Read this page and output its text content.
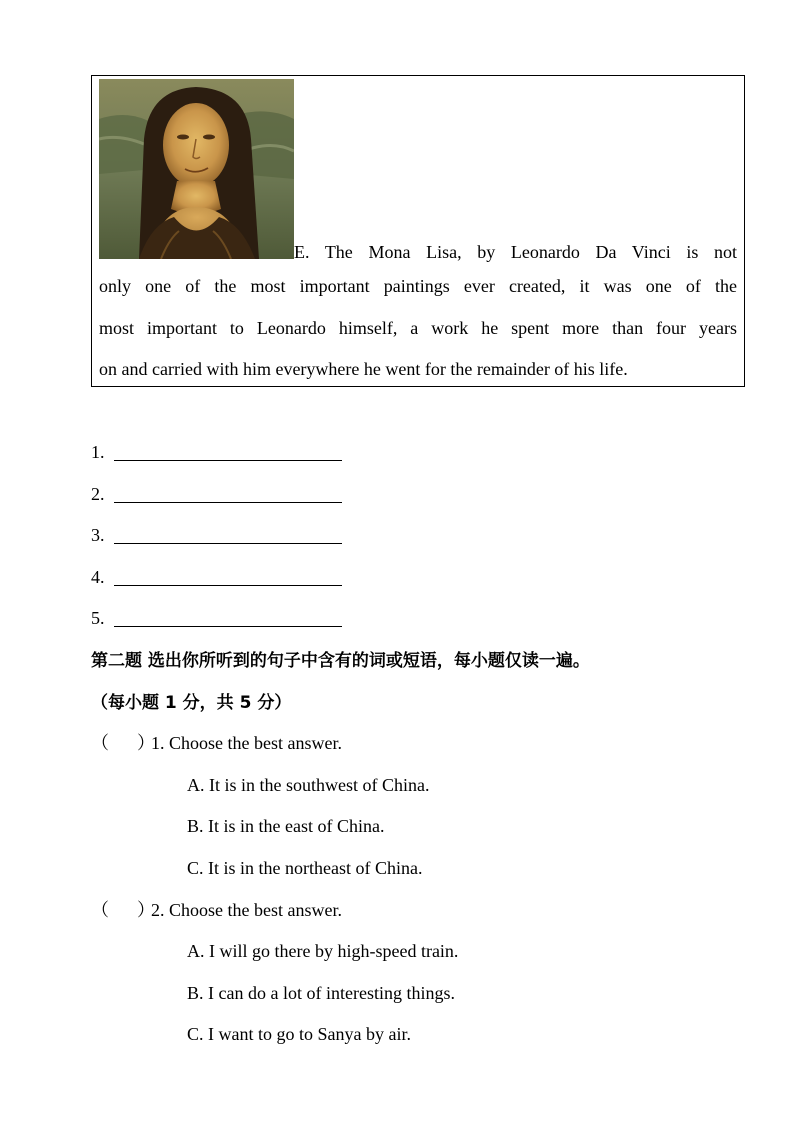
E. The Mona Lisa, by Leonardo Da Vinci is not
only one of the most important paintings ever created, it was one of the
most important to Leonardo himself, a work he spent more than four years
on and carried with him everywhere he went for the remainder of his life.
1.
2.
3.
4.
5.
第二题 选出你所听到的句子中含有的词或短语，每小题仅读一遍。
（每小题 1 分，共 5 分）
（ ）1. Choose the best answer.
A. It is in the southwest of China.
B. It is in the east of China.
C. It is in the northeast of China.
（ ）2. Choose the best answer.
A. I will go there by high-speed train.
B. I can do a lot of interesting things.
C. I want to go to Sanya by air.
